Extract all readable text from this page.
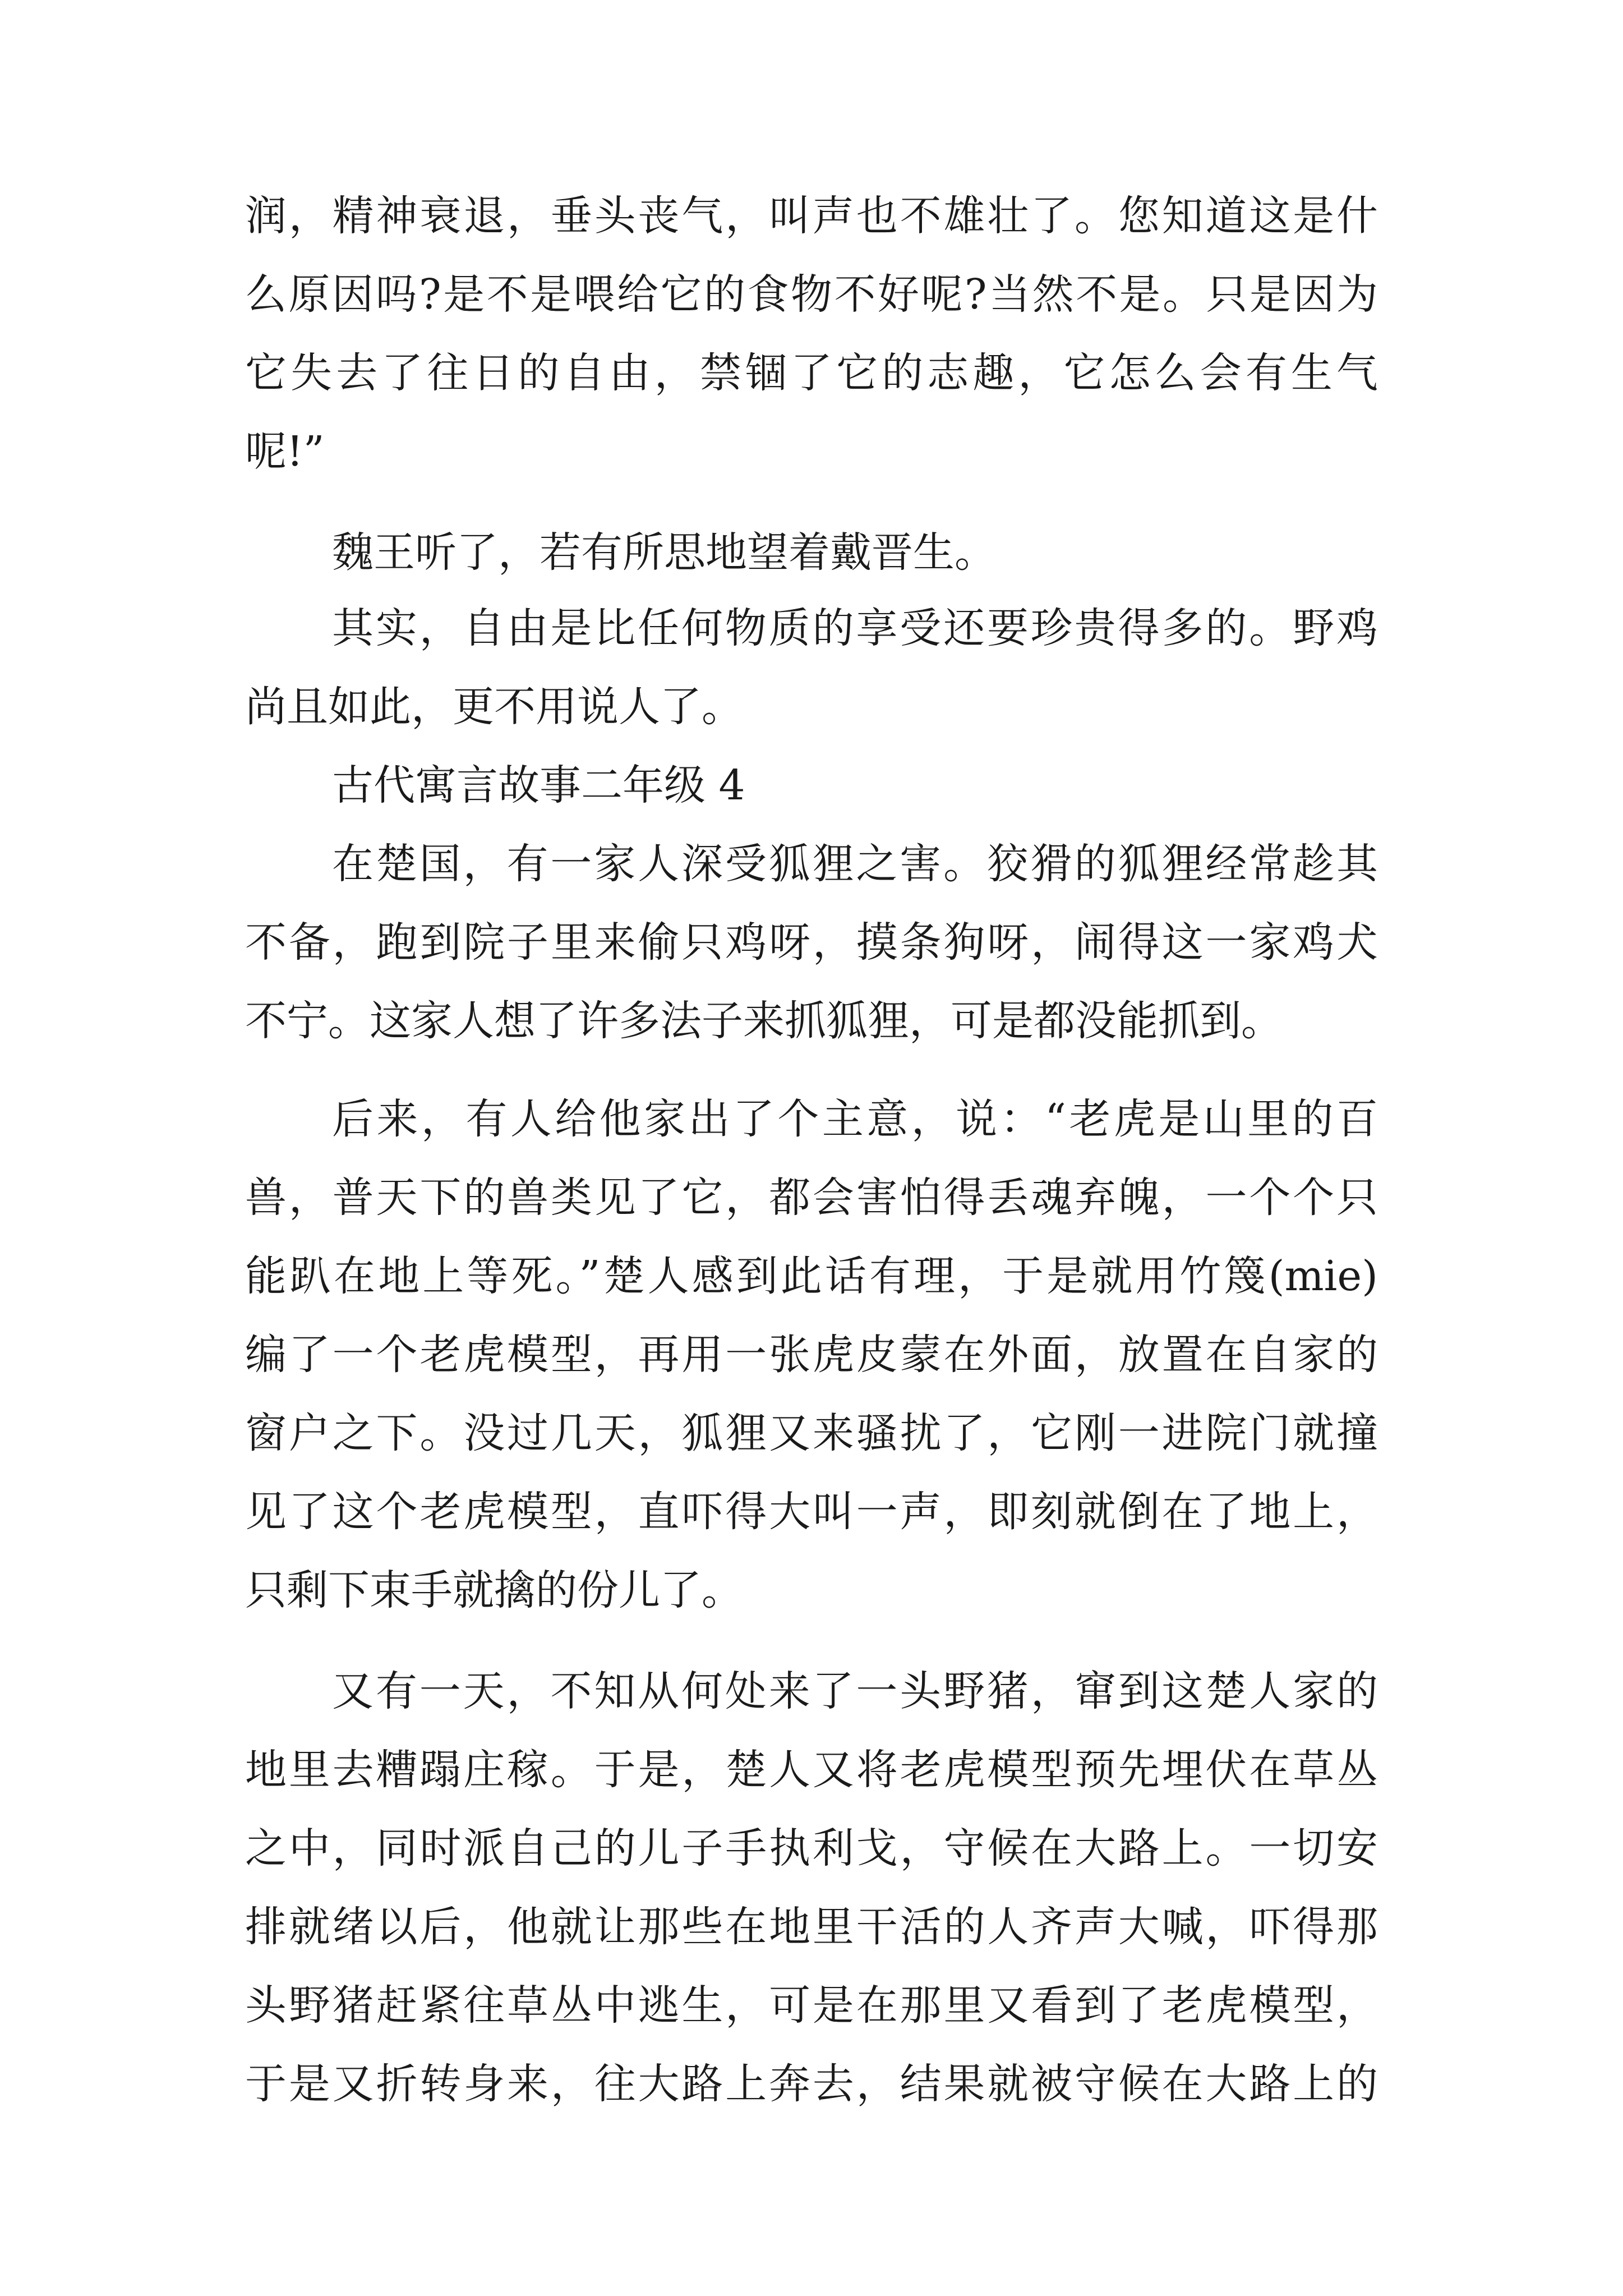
润，精神衰退，垂头丧气，叫声也不雄壮了。您知道这是什
么原因吗?是不是喂给它的食物不好呢?当然不是。只是因为
它失去了往日的自由，禁锢了它的志趣，它怎么会有生气
呢!”
魏王听了，若有所思地望着戴晋生。
其实，自由是比任何物质的享受还要珍贵得多的。野鸡
尚且如此，更不用说人了。
古代寓言故事二年级 4
在楚国，有一家人深受狐狸之害。狡猾的狐狸经常趁其
不备，跑到院子里来偷只鸡呀，摸条狗呀，闹得这一家鸡犬
不宁。这家人想了许多法子来抓狐狸，可是都没能抓到。
后来，有人给他家出了个主意，说：“老虎是山里的百
兽，普天下的兽类见了它，都会害怕得丢魂弃魄，一个个只
能趴在地上等死。”楚人感到此话有理，于是就用竹篾(mie)
编了一个老虎模型，再用一张虎皮蒙在外面，放置在自家的
窗户之下。没过几天，狐狸又来骚扰了，它刚一进院门就撞
见了这个老虎模型，直吓得大叫一声，即刻就倒在了地上，
只剩下束手就擒的份儿了。
又有一天，不知从何处来了一头野猪，窜到这楚人家的
地里去糟蹋庄稼。于是，楚人又将老虎模型预先埋伏在草丛
之中，同时派自己的儿子手执利戈，守候在大路上。一切安
排就绪以后，他就让那些在地里干活的人齐声大喊，吓得那
头野猪赶紧往草丛中逃生，可是在那里又看到了老虎模型，
于是又折转身来，往大路上奔去，结果就被守候在大路上的
